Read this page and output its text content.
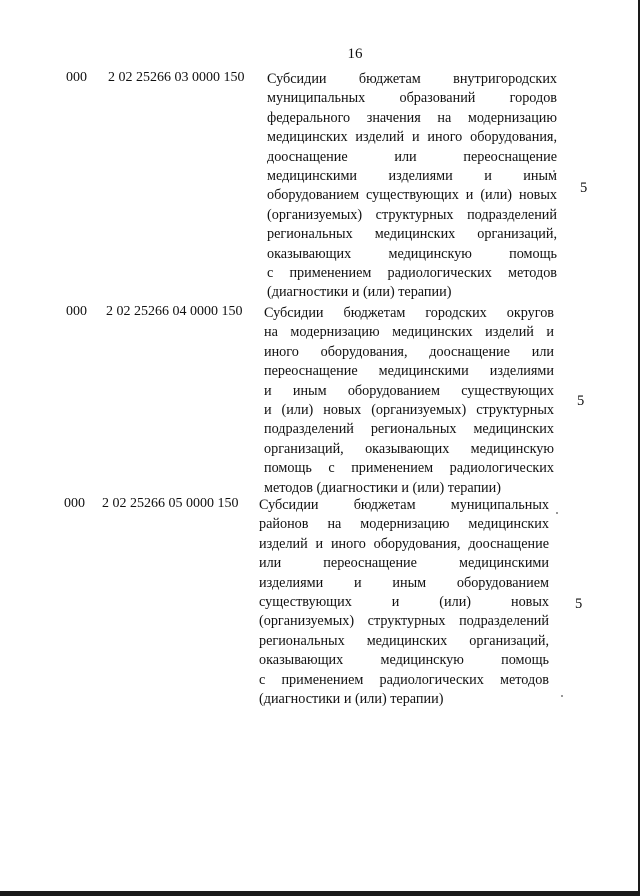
16
000 2 02 25266 03 0000 150 Субсидии бюджетам внутригородских
муниципальных образований городов
федерального значения на модернизацию
медицинских изделий и иного оборудования,
дооснащение или переоснащение
медицинскими изделиями и иным
оборудованием существующих и (или) новых
(организуемых) структурных подразделений
региональных медицинских организаций,
оказывающих медицинскую помощь
с применением радиологических методов
(диагностики и (или) терапии)
5
000 2 02 25266 04 0000 150 Субсидии бюджетам городских округов
на модернизацию медицинских изделий и
иного оборудования, дооснащение или
переоснащение медицинскими изделиями
и иным оборудованием существующих
и (или) новых (организуемых) структурных
подразделений региональных медицинских
организаций, оказывающих медицинскую
помощь с применением радиологических
методов (диагностики и (или) терапии)
5
000 2 02 25266 05 0000 150 Субсидии бюджетам муниципальных
районов на модернизацию медицинских
изделий и иного оборудования, дооснащение
или переоснащение медицинскими
изделиями и иным оборудованием
существующих и (или) новых
(организуемых) структурных подразделений
региональных медицинских организаций,
оказывающих медицинскую помощь
с применением радиологических методов
(диагностики и (или) терапии)
5
